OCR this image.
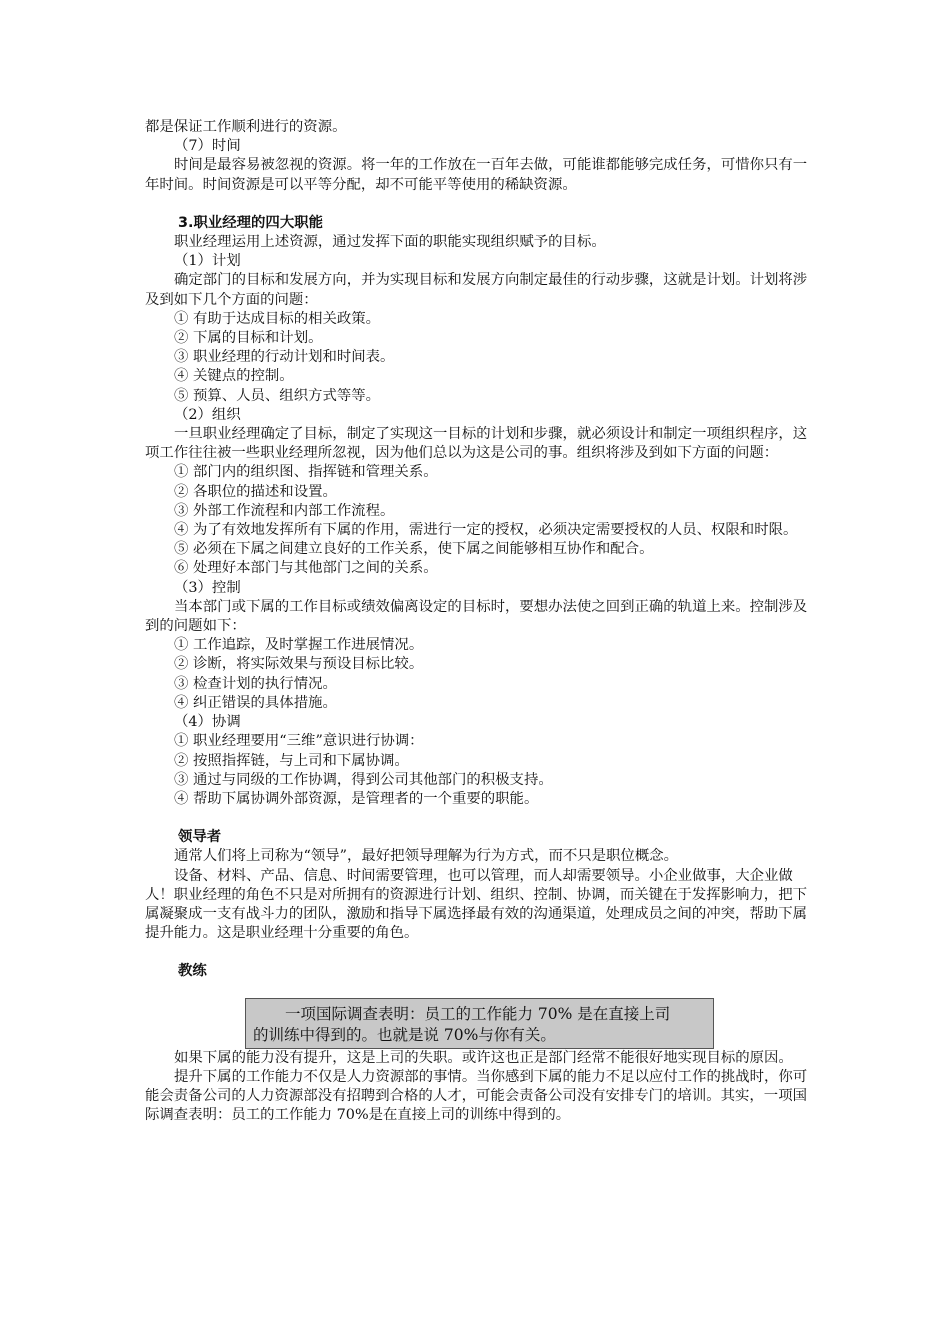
都是保证工作顺利进行的资源。

（7）时间

时间是最容易被忽视的资源。将一年的工作放在一百年去做，可能谁都能够完成任务，可惜你只有一年时间。时间资源是可以平等分配，却不可能平等使用的稀缺资源。

3.职业经理的四大职能

职业经理运用上述资源，通过发挥下面的职能实现组织赋予的目标。

（1）计划

确定部门的目标和发展方向，并为实现目标和发展方向制定最佳的行动步骤，这就是计划。计划将涉及到如下几个方面的问题：

① 有助于达成目标的相关政策。

② 下属的目标和计划。

③ 职业经理的行动计划和时间表。

④ 关键点的控制。

⑤ 预算、人员、组织方式等等。

（2）组织

一旦职业经理确定了目标，制定了实现这一目标的计划和步骤，就必须设计和制定一项组织程序，这项工作往往被一些职业经理所忽视，因为他们总以为这是公司的事。组织将涉及到如下方面的问题：

① 部门内的组织图、指挥链和管理关系。

② 各职位的描述和设置。

③ 外部工作流程和内部工作流程。

④ 为了有效地发挥所有下属的作用，需进行一定的授权，必须决定需要授权的人员、权限和时限。

⑤ 必须在下属之间建立良好的工作关系，使下属之间能够相互协作和配合。

⑥ 处理好本部门与其他部门之间的关系。

（3）控制

当本部门或下属的工作目标或绩效偏离设定的目标时，要想办法使之回到正确的轨道上来。控制涉及到的问题如下：

① 工作追踪，及时掌握工作进展情况。

② 诊断，将实际效果与预设目标比较。

③ 检查计划的执行情况。

④ 纠正错误的具体措施。

（4）协调

① 职业经理要用“三维”意识进行协调：

② 按照指挥链，与上司和下属协调。

③ 通过与同级的工作协调，得到公司其他部门的积极支持。

④ 帮助下属协调外部资源，是管理者的一个重要的职能。

领导者

通常人们将上司称为“领导”，最好把领导理解为行为方式，而不只是职位概念。

设备、材料、产品、信息、时间需要管理，也可以管理，而人却需要领导。小企业做事，大企业做人！职业经理的角色不只是对所拥有的资源进行计划、组织、控制、协调，而关键在于发挥影响力，把下属凝聚成一支有战斗力的团队，激励和指导下属选择最有效的沟通渠道，处理成员之间的冲突，帮助下属提升能力。这是职业经理十分重要的角色。

教练

一项国际调查表明：员工的工作能力 70% 是在直接上司

的训练中得到的。也就是说 70%与你有关。

如果下属的能力没有提升，这是上司的失职。或许这也正是部门经常不能很好地实现目标的原因。

提升下属的工作能力不仅是人力资源部的事情。当你感到下属的能力不足以应付工作的挑战时，你可能会责备公司的人力资源部没有招聘到合格的人才，可能会责备公司没有安排专门的培训。其实，一项国际调查表明：员工的工作能力 70%是在直接上司的训练中得到的。
